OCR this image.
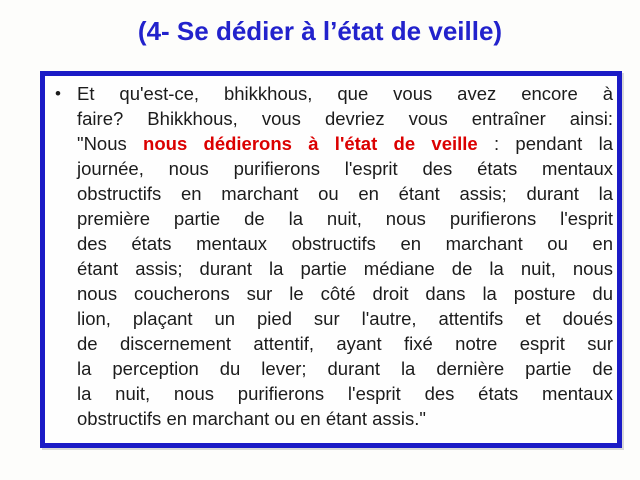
(4- Se dédier à l’état de veille)
• Et qu'est-ce, bhikkhous, que vous avez encore à
faire? Bhikkhous, vous devriez vous entraîner ainsi:
"Nous nous dédierons à l'état de veille : pendant la
journée, nous purifierons l'esprit des états mentaux
obstructifs en marchant ou en étant assis; durant la
première partie de la nuit, nous purifierons l'esprit
des états mentaux obstructifs en marchant ou en
étant assis; durant la partie médiane de la nuit, nous
nous coucherons sur le côté droit dans la posture du
lion, plaçant un pied sur l'autre, attentifs et doués
de discernement attentif, ayant fixé notre esprit sur
la perception du lever; durant la dernière partie de
la nuit, nous purifierons l'esprit des états mentaux
obstructifs en marchant ou en étant assis."
